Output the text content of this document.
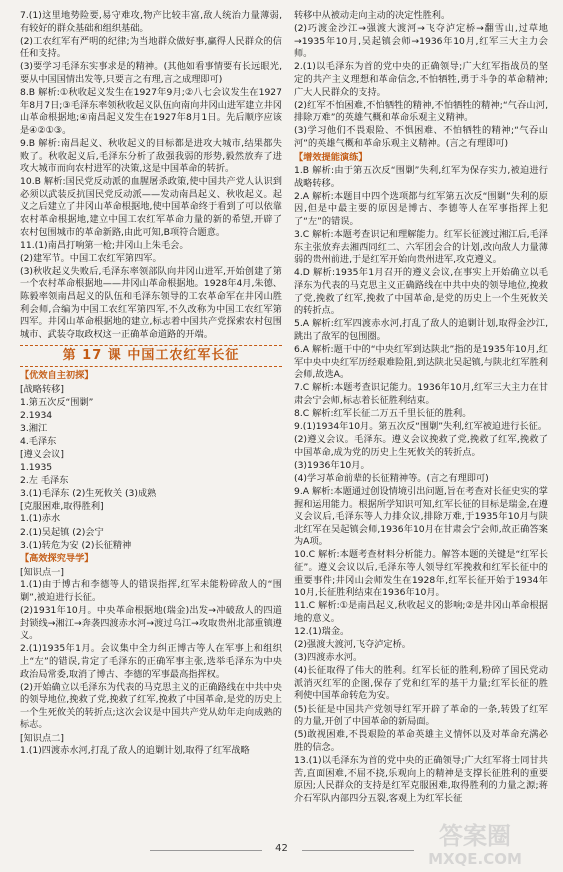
7.(1)这里地势险要,易守难攻,物产比较丰富,敌人统治力量薄弱,有较好的群众基础和组织基础。
(2)工农红军有严明的纪律;为当地群众做好事,赢得人民群众的信任和支持。
(3)要学习毛泽东实事求是的精神。(其他如看事情要有长远眼光,要从中国国情出发等,只要言之有理,言之成理即可)
8.B 解析:①秋收起义发生在1927年9月;②八七会议发生在1927年8月7日;③毛泽东率领秋收起义队伍向南向井冈山进军建立井冈山革命根据地;④南昌起义发生在1927年8月1日。先后顺序应该是④②①③。
9.B 解析:南昌起义、秋收起义的目标都是进攻大城市,结果都失败了。秋收起义后,毛泽东分析了敌强我弱的形势,毅然放弃了进攻大城市而向农村进军的决策,这是中国革命的转折。
10.B 解析:国民党反动派的血腥屠杀政策,使中国共产党人认识到必须以武装反抗国民党反动派——发动南昌起义、秋收起义。起义之后建立了井冈山革命根据地,使中国革命终于看到了可以依靠农村革命根据地,建立中国工农红军革命力量的新的希望,开辟了农村包围城市的革命新路,由此可知,B项符合题意。
11.(1)南昌打响第一枪;井冈山上朱毛会。
(2)建军节。中国工农红军第四军。
(3)秋收起义失败后,毛泽东率领部队向井冈山进军,开始创建了第一个农村革命根据地——井冈山革命根据地。1928年4月,朱德、陈毅率领南昌起义的队伍和毛泽东领导的工农革命军在井冈山胜利会师,合编为中国工农红军第四军,不久改称为中国工农红军第四军。井冈山革命根据地的建立,标志着中国共产党探索农村包围城市、武装夺取政权这一正确革命道路的开端。
第 17 课 中国工农红军长征
【优效自主初探】
[战略转移]
1.第五次反“围剿”
2.1934
3.湘江
4.毛泽东
[遵义会议]
1.1935
2.左 毛泽东
3.(1)毛泽东 (2)生死攸关 (3)成熟
[克服困难,取得胜利]
1.(1)赤水
2.(1)吴起镇 (2)会宁
3.(1)转危为安 (2)长征精神
【高效探究导学】
[知识点一]
1.(1)由于博古和李德等人的错误指挥,红军未能粉碎敌人的“围剿”,被迫进行长征。
(2)1931年10月。中央革命根据地(瑞金)出发→冲破敌人的四道封锁线→湘江→奔袭四渡赤水河→渡过乌江→攻取贵州北部重镇遵义。
2.(1)1935年1月。会议集中全力纠正博古等人在军事上和组织上“左”的错误,肯定了毛泽东的正确军事主张,选举毛泽东为中央政治局常委,取消了博古、李德的军事最高指挥权。
(2)开始确立以毛泽东为代表的马克思主义的正确路线在中共中央的领导地位,挽救了党,挽救了红军,挽救了中国革命,是党的历史上一个生死攸关的转折点;这次会议是中国共产党从幼年走向成熟的标志。
[知识点二]
1.(1)四渡赤水河,打乱了敌人的追剿计划,取得了红军战略
转移中从被动走向主动的决定性胜利。
(2)巧渡金沙江→强渡大渡河→飞夺泸定桥→翻雪山,过草地→1935年10月,吴起镇会师→1936年10月,红军三大主力会师。
2.(1)以毛泽东为首的党中央的正确领导;广大红军指战员的坚定的共产主义理想和革命信念,不怕牺牲,勇于斗争的革命精神;广大人民群众的支持。
(2)红军不怕困难,不怕牺牲的精神,不怕牺牲的精神;“气吞山河,排除万难”的英雄气概和革命乐观主义精神。
(3)学习他们不畏艰险、不惧困难、不怕牺牲的精神;“气吞山河”的英雄气概和革命乐观主义精神。(言之有理即可)
【增效提能演练】
1.B 解析:由于第五次反“围剿”失利,红军为保存实力,被迫进行战略转移。
2.A 解析:本题目中四个选项都与红军第五次反“围剿”失利的原因,但是中最主要的原因是博古、李德等人在军事指挥上犯了“左”的错误。
3.C 解析:本题考查识记和理解能力。红军长征渡过湘江后,毛泽东主张放弃去湘西同红二、六军团会合的计划,改向敌人力量薄弱的贵州前进,于是红军开始向贵州进军,攻克遵义。
4.D 解析:1935年1月召开的遵义会议,在事实上开始确立以毛泽东为代表的马克思主义正确路线在中共中央的领导地位,挽救了党,挽救了红军,挽救了中国革命,是党的历史上一个生死攸关的转折点。
5.A 解析:红军四渡赤水河,打乱了敌人的追剿计划,取得金沙江,跳出了敌军的包围圈。
6.A 解析:题干中的“中央红军到达陕北”指的是1935年10月,红军中央中央红军历经艰难险阻,到达陕北吴起镇,与陕北红军胜利会师,故选A。
7.C 解析:本题考查识记能力。1936年10月,红军三大主力在甘肃会宁会师,标志着长征胜利结束。
8.C 解析:红军长征二万五千里长征的胜利。
9.(1)1934年10月。第五次反“围剿”失利,红军被迫进行长征。
(2)遵义会议。毛泽东。遵义会议挽救了党,挽救了红军,挽救了中国革命,成为党的历史上生死攸关的转折点。
(3)1936年10月。
(4)学习革命前辈的长征精神等。(言之有理即可)
9.A 解析:本题通过创设情境引出问题,旨在考查对长征史实的掌握和运用能力。根据所学知识可知,红军长征的目标是瑞金,在遵义会议后,毛泽东等人力排众议,排除万难,于1935年10月与陕北红军在吴起镇会师,1936年10月在甘肃会宁会师,故正确答案为A项。
10.C 解析:本题考查材料分析能力。解答本题的关键是“红军长征”。遵义会议以后,毛泽东等人领导红军挽救和红军长征中的重要事件;井冈山会师发生在1928年,红军长征开始于1934年10月,长征胜利结束在1936年10月。
11.C 解析:①是南昌起义,秋收起义的影响;②是井冈山革命根据地的意义。
12.(1)瑞金。
(2)强渡大渡河,飞夺泸定桥。
(3)四渡赤水河。
(4)长征取得了伟大的胜利。红军长征的胜利,粉碎了国民党动派消灭红军的企图,保存了党和红军的基干力量;红军长征的胜利使中国革命转危为安。
(5)长征是中国共产党领导红军开辟了革命的一条,转毁了红军的力量,开创了中国革命的新局面。
(5)敢视困难,不畏艰险的革命英雄主义情怀以及对革命充满必胜的信念。
13.(1)以毛泽东为首的党中央的正确领导;广大红军将士同甘共苦,直面困难,不屈不挠,乐观向上的精神是支撑长征胜利的重要原因;人民群众的支持是红军克服困难,取得胜利的力量之源;蒋介石军队内部四分五裂,客观上为红军长征
42	答案圈
MXQE.COM
